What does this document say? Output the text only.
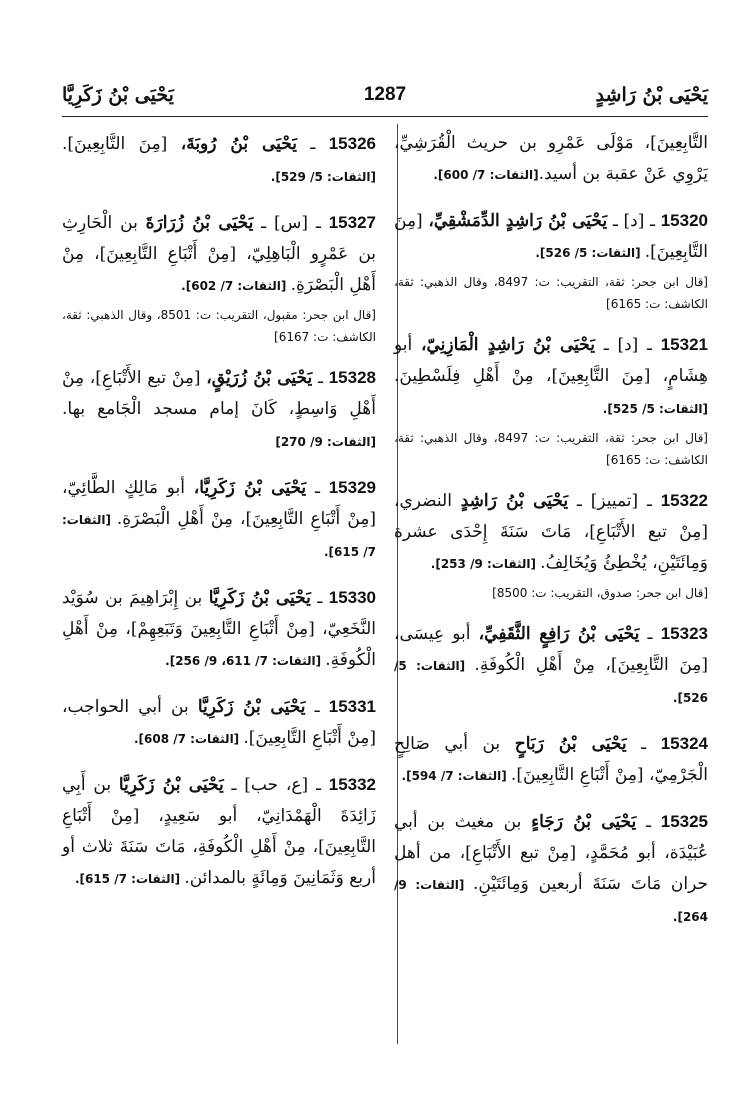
يَحْيَى بْنُ رَاشِدٍ
1287
يَحْيَى بْنُ زَكَرِيَّا
التَّابِعِينَ]، مَوْلَى عَمْرِو بن حريث الْقُرَشِيِّ، يَرْوِي عَنْ عقبة بن أسيد.[الثقات: 7/ 600].
15320 ـ [د] ـ يَحْيَى بْنُ رَاشِدٍ الدِّمَشْقِيِّ، [مِنَ التَّابِعِينَ]. [الثقات: 5/ 526].
[قال ابن جحر: ثقة، التقريب: ت: 8497، وقال الذهبي: ثقة، الكاشف: ت: 6165]
15321 ـ [د] ـ يَحْيَى بْنُ رَاشِدٍ الْمَازِنِيّ، أبو هِشَامٍ، [مِنَ التَّابِعِينَ]، مِنْ أَهْلِ فِلَسْطِينَ. [الثقات: 5/ 525].
[قال ابن جحر: ثقة، التقريب: ت: 8497، وقال الذهبي: ثقة، الكاشف: ت: 6165]
15322 ـ [تمييز] ـ يَحْيَى بْنُ رَاشِدٍ النضري، [مِنْ تبع الأَتْبَاعِ]، مَاتَ سَنَةَ إِحْدَى عشرة وَمِائَتَيْنِ، يُخْطِئُ وَيُخَالِفُ. [الثقات: 9/ 253].
[قال ابن جحر: صدوق، التقريب: ت: 8500]
15323 ـ يَحْيَى بْنُ رَافِعٍ الثَّقَفِيِّ، أبو عِيسَى، [مِنَ التَّابِعِينَ]، مِنْ أَهْلِ الْكُوفَةِ. [الثقات: 5/ 526].
15324 ـ يَحْيَى بْنُ رَبَاحٍ بن أبي صَالِحٍ الْجَرْمِيّ، [مِنْ أَتْبَاعِ التَّابِعِينَ]. [الثقات: 7/ 594].
15325 ـ يَحْيَى بْنُ رَجَاءٍ بن مغيث بن أبي عُبَيْدَة، أبو مُحَمَّدٍ، [مِنْ تبع الأَتْبَاعِ]، من أهل حران مَاتَ سَنَةَ أربعين وَمِائَتَيْنِ. [الثقات: 9/ 264].
15326 ـ يَحْيَى بْنُ رُوبَةَ، [مِنَ التَّابِعِينَ]. [الثقات: 5/ 529].
15327 ـ [س] ـ يَحْيَى بْنُ زُرَارَةَ بن الْحَارِثِ بن عَمْرٍو الْبَاهِلِيّ، [مِنْ أَتْبَاعِ التَّابِعِينَ]، مِنْ أَهْلِ الْبَصْرَةِ. [الثقات: 7/ 602].
[قال ابن جحر: مقبول، التقريب: ت: 8501، وقال الذهبي: ثقة، الكاشف: ت: 6167]
15328 ـ يَحْيَى بْنُ زُرَيْقٍ، [مِنْ تبع الأَتْبَاعِ]، مِنْ أَهْلِ وَاسِطٍ، كَانَ إمام مسجد الْجَامع بها. [الثقات: 9/ 270]
15329 ـ يَحْيَى بْنُ زَكَرِيَّا، أبو مَالِكٍ الطَّائِيّ، [مِنْ أَتْبَاعِ التَّابِعِينَ]، مِنْ أَهْلِ الْبَصْرَةِ. [الثقات: 7/ 615].
15330 ـ يَحْيَى بْنُ زَكَرِيَّا بن إِبْرَاهِيمَ بن سُوَيْد النَّخَعِيّ، [مِنْ أَتْبَاعِ التَّابِعِينَ وَتَبَعِهِمْ]، مِنْ أَهْلِ الْكُوفَةِ. [الثقات: 7/ 611، 9/ 256].
15331 ـ يَحْيَى بْنُ زَكَرِيَّا بن أبي الحواجب، [مِنْ أَتْبَاعِ التَّابِعِينَ]. [الثقات: 7/ 608].
15332 ـ [ع، حب] ـ يَحْيَى بْنُ زَكَرِيَّا بن أَبِي زَائِدَةَ الْهَمْدَانِيّ، أبو سَعِيدٍ، [مِنْ أَتْبَاعِ التَّابِعِينَ]، مِنْ أَهْلِ الْكُوفَةِ، مَاتَ سَنَةَ ثلاث أو أربع وَثَمَانِينَ وَمِائَةٍ بالمدائن. [الثقات: 7/ 615].
